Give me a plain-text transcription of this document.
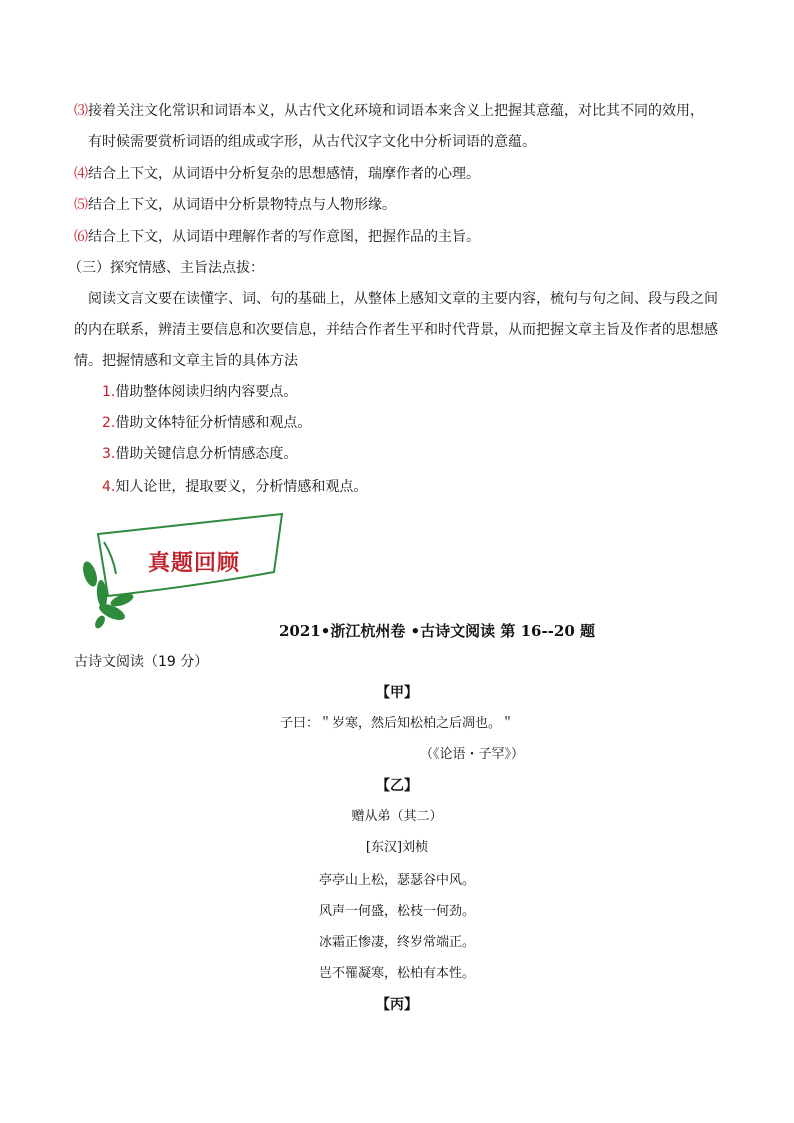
⑶接着关注文化常识和词语本义，从古代文化环境和词语本来含义上把握其意蕴，对比其不同的效用，
有时候需要赏析词语的组成或字形，从古代汉字文化中分析词语的意蕴。
⑷结合上下文，从词语中分析复杂的思想感情，瑞摩作者的心理。
⑸结合上下文，从词语中分析景物特点与人物形缘。
⑹结合上下文，从词语中理解作者的写作意图，把握作品的主旨。
（三）探究情感、主旨法点拔：
阅读文言文要在读懂字、词、句的基础上，从整体上感知文章的主要内容，梳句与句之间、段与段之间
的内在联系，辨清主要信息和次要信息，并结合作者生平和时代背景，从而把握文章主旨及作者的思想感
情。把握情感和文章主旨的具体方法
1.借助整体阅读归纳内容要点。
2.借助文体特征分析情感和观点。
3.借助关键信息分析情感态度。
4.知人论世，提取要义，分析情感和观点。
真题回顾
2021•浙江杭州卷 •古诗文阅读 第 16--20 题
古诗文阅读（19 分）
【甲】
子曰：＂岁寒，然后知松柏之后凋也。＂
（《论语・子罕》）
【乙】
赠从弟（其二）
[东汉]刘桢
亭亭山上松，瑟瑟谷中风。
风声一何盛，松枝一何劲。
冰霜正惨凄，终岁常端正。
岂不罹凝寒，松柏有本性。
【丙】
